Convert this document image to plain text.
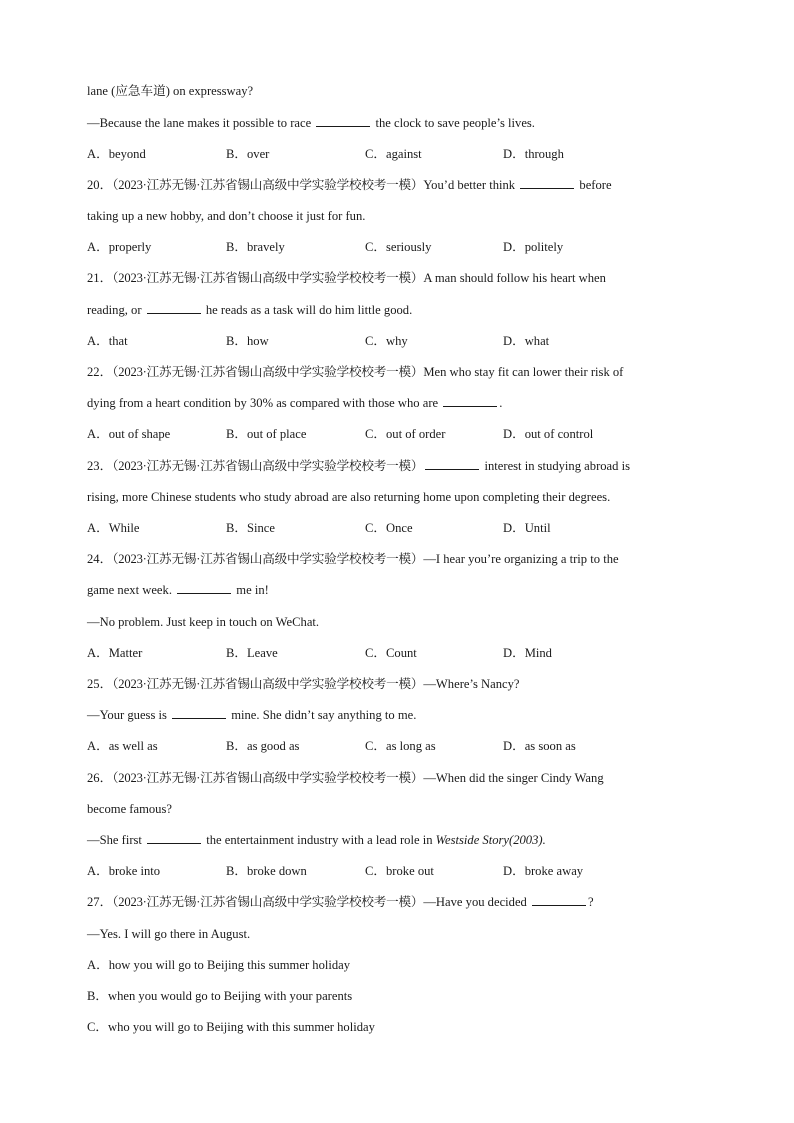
lane (应急车道) on expressway?
—Because the lane makes it possible to race	the clock to save people’s lives.
A．beyond	B．over	C．against	D．through
20．（2023·江苏无锡·江苏省锡山高级中学实验学校校考一模）You’d better think	before
taking up a new hobby, and don’t choose it just for fun.
A．properly	B．bravely	C．seriously	D．politely
21．（2023·江苏无锡·江苏省锡山高级中学实验学校校考一模）A man should follow his heart when
reading, or	he reads as a task will do him little good.
A．that	B．how	C．why	D．what
22．（2023·江苏无锡·江苏省锡山高级中学实验学校校考一模）Men who stay fit can lower their risk of
dying from a heart condition by 30% as compared with those who are	.
A．out of shape	B．out of place	C．out of order	D．out of control
23．（2023·江苏无锡·江苏省锡山高级中学实验学校校考一模）	interest in studying abroad is
rising, more Chinese students who study abroad are also returning home upon completing their degrees.
A．While	B．Since	C．Once	D．Until
24．（2023·江苏无锡·江苏省锡山高级中学实验学校校考一模）—I hear you’re organizing a trip to the
game next week.	me in!
—No problem. Just keep in touch on WeChat.
A．Matter	B．Leave	C．Count	D．Mind
25．（2023·江苏无锡·江苏省锡山高级中学实验学校校考一模）—Where’s Nancy?
—Your guess is	mine. She didn’t say anything to me.
A．as well as	B．as good as	C．as long as	D．as soon as
26．（2023·江苏无锡·江苏省锡山高级中学实验学校校考一模）—When did the singer Cindy Wang
become famous?
—She first	the entertainment industry with a lead role in Westside Story(2003).
A．broke into	B．broke down	C．broke out	D．broke away
27．（2023·江苏无锡·江苏省锡山高级中学实验学校校考一模）—Have you decided	?
—Yes. I will go there in August.
A．how you will go to Beijing this summer holiday
B．when you would go to Beijing with your parents
C．who you will go to Beijing with this summer holiday
